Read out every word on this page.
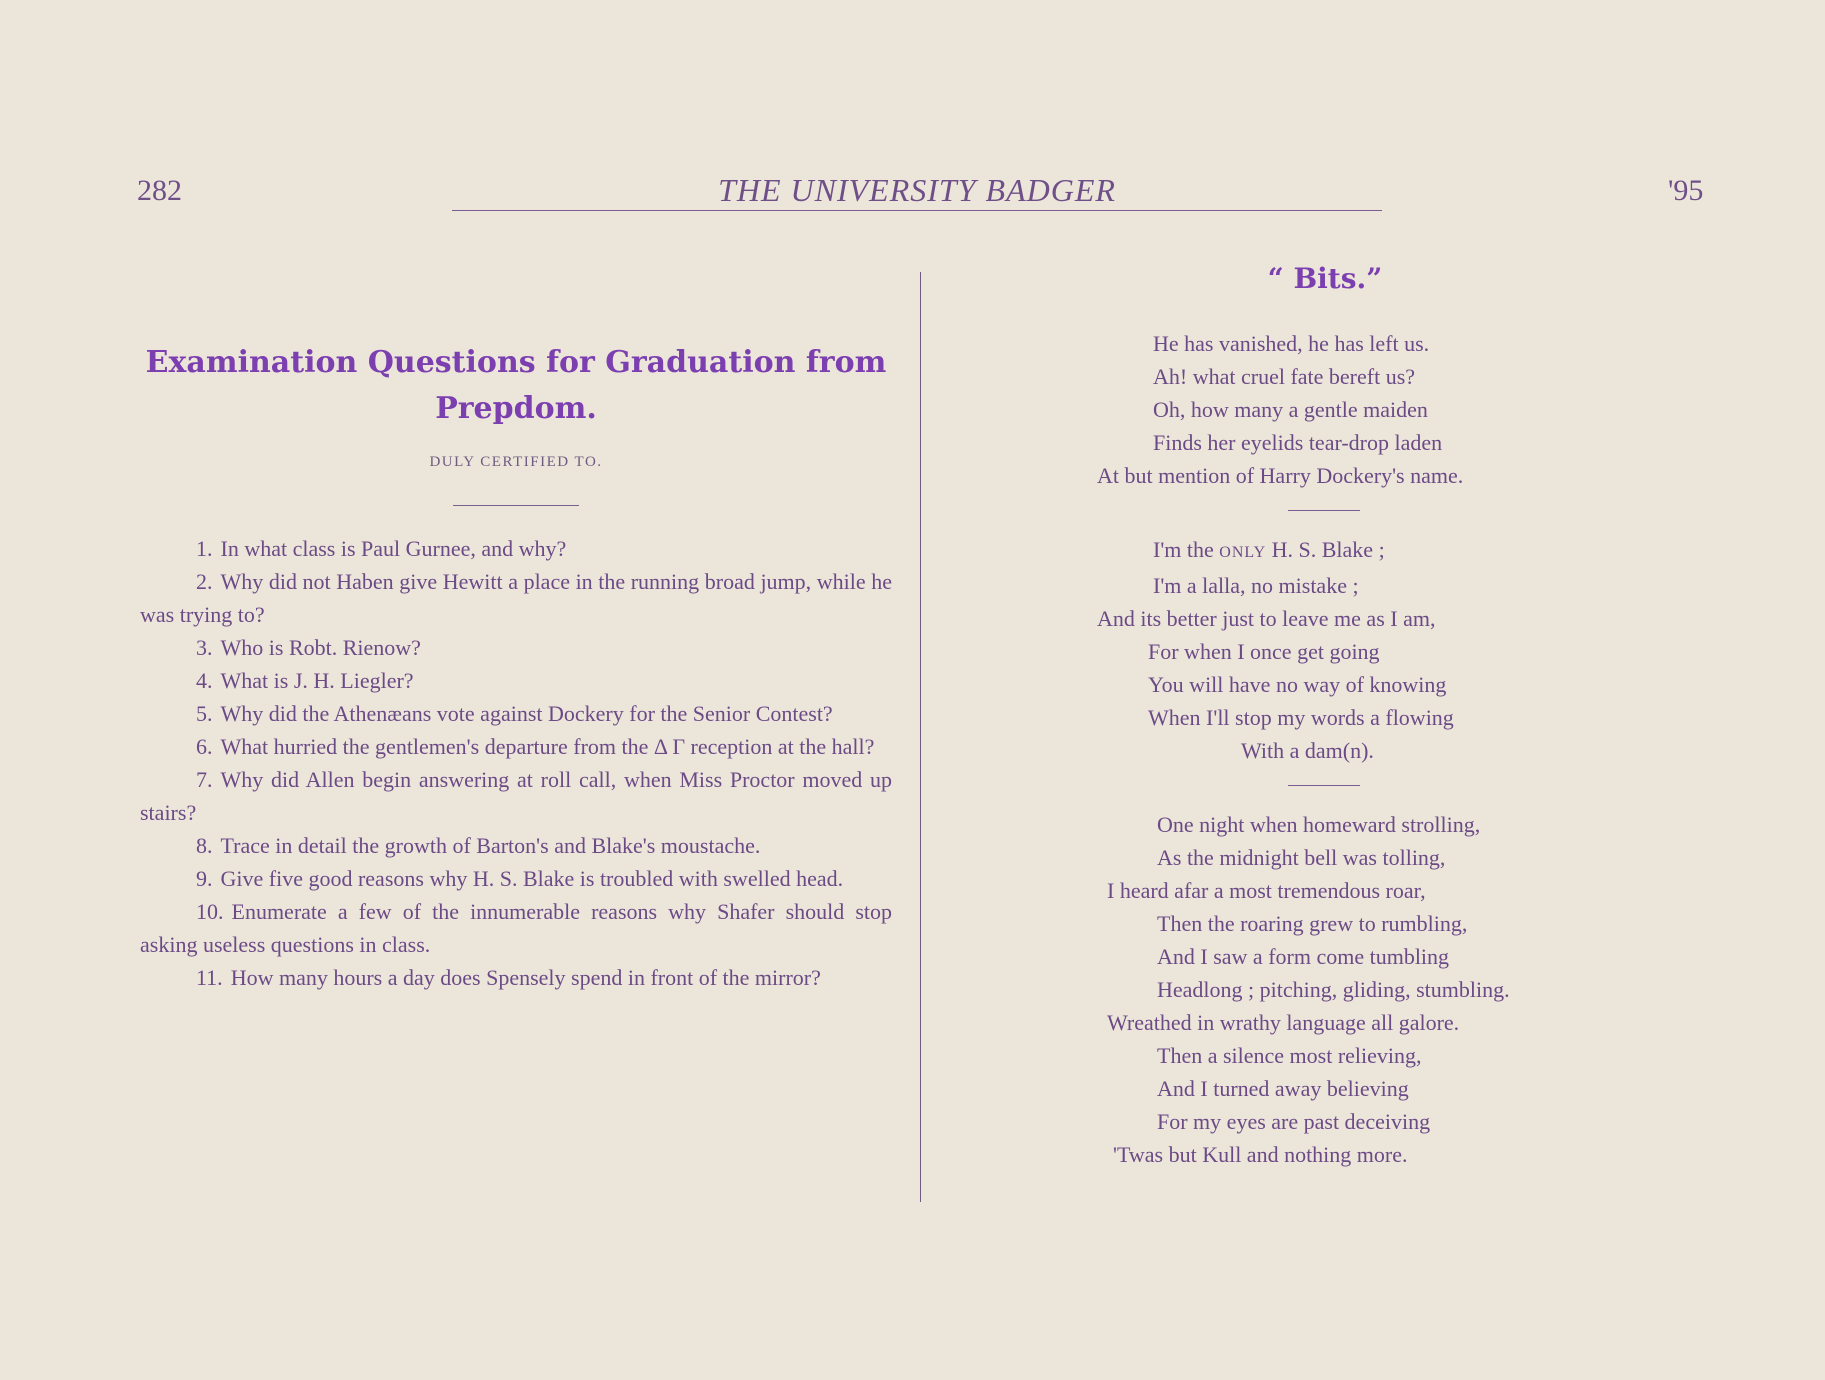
282	THE UNIVERSITY BADGER	'95
Examination Questions for Graduation from Prepdom.
DULY CERTIFIED TO.
1. In what class is Paul Gurnee, and why?
2. Why did not Haben give Hewitt a place in the running broad jump, while he was trying to?
3. Who is Robt. Rienow?
4. What is J. H. Liegler?
5. Why did the Athenæans vote against Dockery for the Senior Contest?
6. What hurried the gentlemen's departure from the Δ Γ reception at the hall?
7. Why did Allen begin answering at roll call, when Miss Proctor moved up stairs?
8. Trace in detail the growth of Barton's and Blake's moustache.
9. Give five good reasons why H. S. Blake is troubled with swelled head.
10. Enumerate a few of the innumerable reasons why Shafer should stop asking useless questions in class.
11. How many hours a day does Spensely spend in front of the mirror?
“ Bits.”
He has vanished, he has left us.
Ah! what cruel fate bereft us?
Oh, how many a gentle maiden
Finds her eyelids tear-drop laden
At but mention of Harry Dockery's name.
I'm the ONLY H. S. Blake ;
I'm a lalla, no mistake ;
And its better just to leave me as I am,
For when I once get going
You will have no way of knowing
When I'll stop my words a flowing
With a dam(n).
One night when homeward strolling,
As the midnight bell was tolling,
I heard afar a most tremendous roar,
Then the roaring grew to rumbling,
And I saw a form come tumbling
Headlong ; pitching, gliding, stumbling.
Wreathed in wrathy language all galore.
Then a silence most relieving,
And I turned away believing
For my eyes are past deceiving
'Twas but Kull and nothing more.
